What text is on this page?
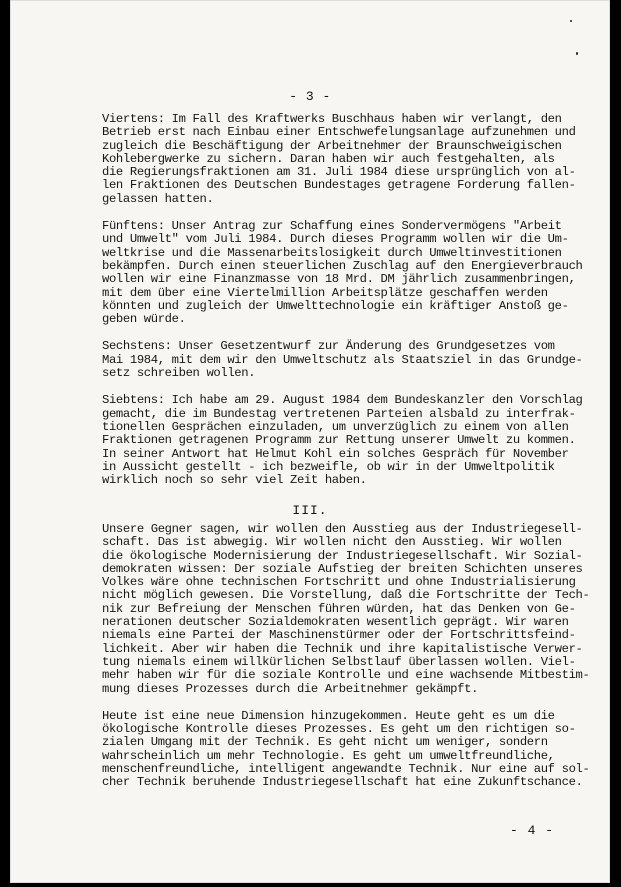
- 3 -
Viertens: Im Fall des Kraftwerks Buschhaus haben wir verlangt, den
Betrieb erst nach Einbau einer Entschwefelungsanlage aufzunehmen und
zugleich die Beschäftigung der Arbeitnehmer der Braunschweigischen
Kohlebergwerke zu sichern. Daran haben wir auch festgehalten, als
die Regierungsfraktionen am 31. Juli 1984 diese ursprünglich von al-
len Fraktionen des Deutschen Bundestages getragene Forderung fallen-
gelassen hatten.
Fünftens: Unser Antrag zur Schaffung eines Sondervermögens "Arbeit
und Umwelt" vom Juli 1984. Durch dieses Programm wollen wir die Um-
weltkrise und die Massenarbeitslosigkeit durch Umweltinvestitionen
bekämpfen. Durch einen steuerlichen Zuschlag auf den Energieverbrauch
wollen wir eine Finanzmasse von 18 Mrd. DM jährlich zusammenbringen,
mit dem über eine Viertelmillion Arbeitsplätze geschaffen werden
könnten und zugleich der Umwelttechnologie ein kräftiger Anstoß ge-
geben würde.
Sechstens: Unser Gesetzentwurf zur Änderung des Grundgesetzes vom
Mai 1984, mit dem wir den Umweltschutz als Staatsziel in das Grundge-
setz schreiben wollen.
Siebtens: Ich habe am 29. August 1984 dem Bundeskanzler den Vorschlag
gemacht, die im Bundestag vertretenen Parteien alsbald zu interfrak-
tionellen Gesprächen einzuladen, um unverzüglich zu einem von allen
Fraktionen getragenen Programm zur Rettung unserer Umwelt zu kommen.
In seiner Antwort hat Helmut Kohl ein solches Gespräch für November
in Aussicht gestellt - ich bezweifle, ob wir in der Umweltpolitik
wirklich noch so sehr viel Zeit haben.
III.
Unsere Gegner sagen, wir wollen den Ausstieg aus der Industriegesell-
schaft. Das ist abwegig. Wir wollen nicht den Ausstieg. Wir wollen
die ökologische Modernisierung der Industriegesellschaft. Wir Sozial-
demokraten wissen: Der soziale Aufstieg der breiten Schichten unseres
Volkes wäre ohne technischen Fortschritt und ohne Industrialisierung
nicht möglich gewesen. Die Vorstellung, daß die Fortschritte der Tech-
nik zur Befreiung der Menschen führen würden, hat das Denken von Ge-
nerationen deutscher Sozialdemokraten wesentlich geprägt. Wir waren
niemals eine Partei der Maschinenstürmer oder der Fortschrittsfeind-
lichkeit. Aber wir haben die Technik und ihre kapitalistische Verwer-
tung niemals einem willkürlichen Selbstlauf überlassen wollen. Viel-
mehr haben wir für die soziale Kontrolle und eine wachsende Mitbestim-
mung dieses Prozesses durch die Arbeitnehmer gekämpft.
Heute ist eine neue Dimension hinzugekommen. Heute geht es um die
ökologische Kontrolle dieses Prozesses. Es geht um den richtigen so-
zialen Umgang mit der Technik. Es geht nicht um weniger, sondern
wahrscheinlich um mehr Technologie. Es geht um umweltfreundliche,
menschenfreundliche, intelligent angewandte Technik. Nur eine auf sol-
cher Technik beruhende Industriegesellschaft hat eine Zukunftschance.
- 4 -
